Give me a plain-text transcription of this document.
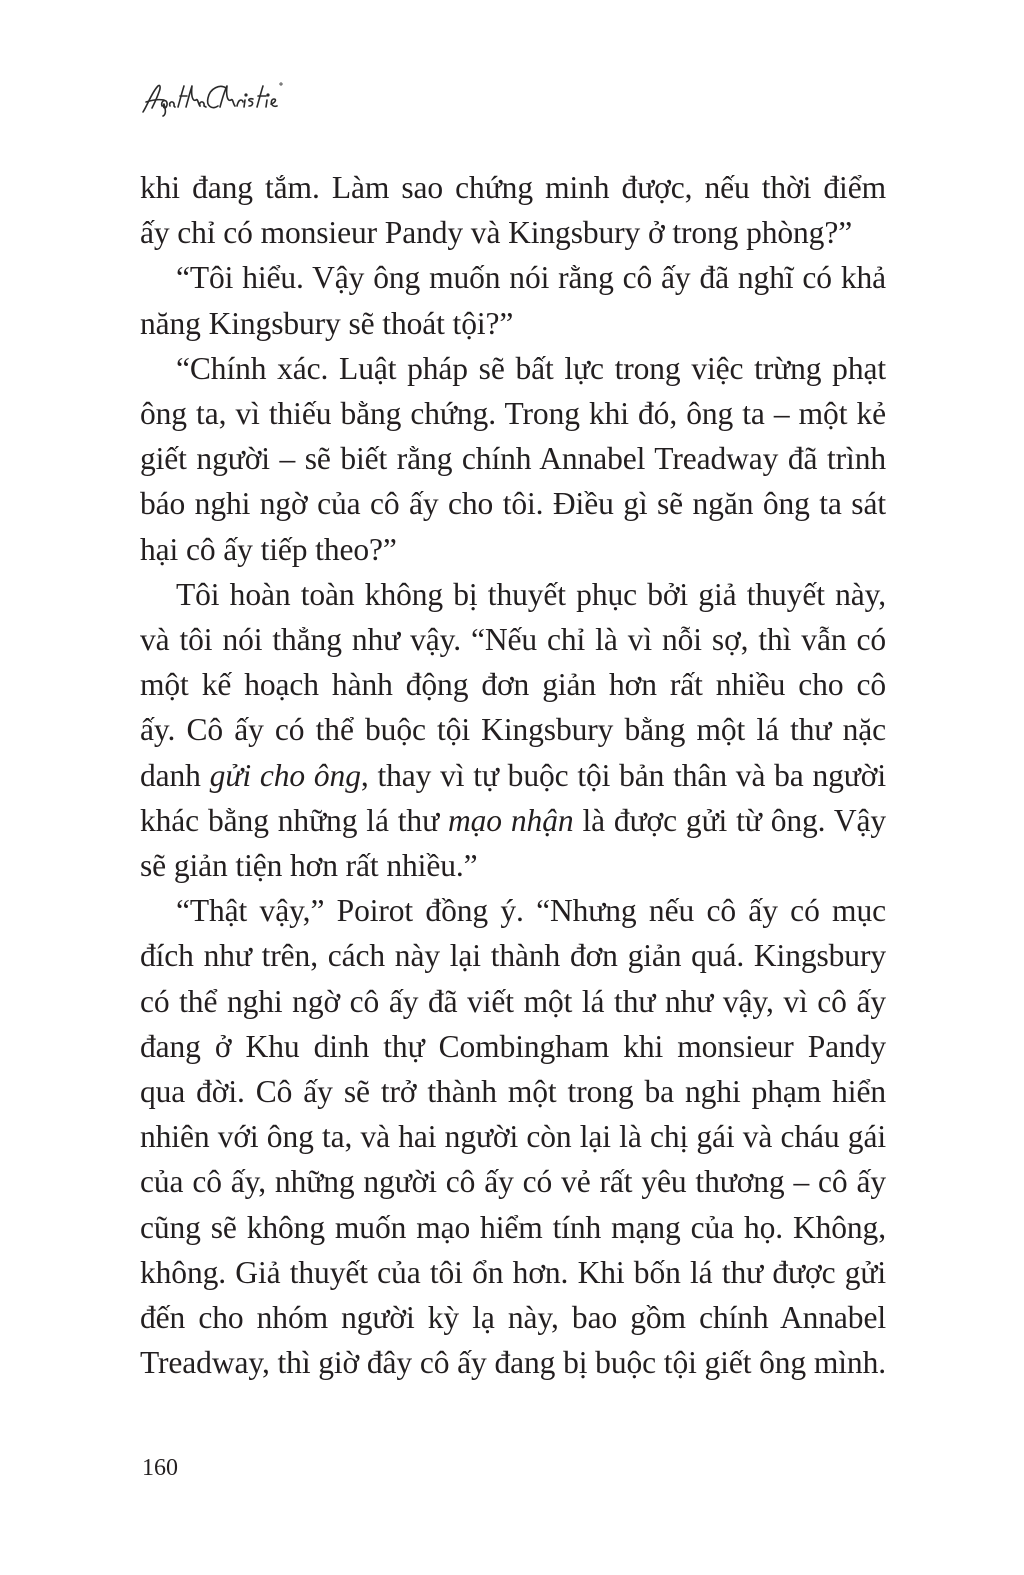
khi đang tắm. Làm sao chứng minh được, nếu thời điểm
ấy chỉ có monsieur Pandy và Kingsbury ở trong phòng?”
“Tôi hiểu. Vậy ông muốn nói rằng cô ấy đã nghĩ có khả
năng Kingsbury sẽ thoát tội?”
“Chính xác. Luật pháp sẽ bất lực trong việc trừng phạt
ông ta, vì thiếu bằng chứng. Trong khi đó, ông ta – một kẻ
giết người – sẽ biết rằng chính Annabel Treadway đã trình
báo nghi ngờ của cô ấy cho tôi. Điều gì sẽ ngăn ông ta sát
hại cô ấy tiếp theo?”
Tôi hoàn toàn không bị thuyết phục bởi giả thuyết này,
và tôi nói thẳng như vậy. “Nếu chỉ là vì nỗi sợ, thì vẫn có
một kế hoạch hành động đơn giản hơn rất nhiều cho cô
ấy. Cô ấy có thể buộc tội Kingsbury bằng một lá thư nặc
danh gửi cho ông, thay vì tự buộc tội bản thân và ba người
khác bằng những lá thư mạo nhận là được gửi từ ông. Vậy
sẽ giản tiện hơn rất nhiều.”
“Thật vậy,” Poirot đồng ý. “Nhưng nếu cô ấy có mục
đích như trên, cách này lại thành đơn giản quá. Kingsbury
có thể nghi ngờ cô ấy đã viết một lá thư như vậy, vì cô ấy
đang ở Khu dinh thự Combingham khi monsieur Pandy
qua đời. Cô ấy sẽ trở thành một trong ba nghi phạm hiển
nhiên với ông ta, và hai người còn lại là chị gái và cháu gái
của cô ấy, những người cô ấy có vẻ rất yêu thương – cô ấy
cũng sẽ không muốn mạo hiểm tính mạng của họ. Không,
không. Giả thuyết của tôi ổn hơn. Khi bốn lá thư được gửi
đến cho nhóm người kỳ lạ này, bao gồm chính Annabel
Treadway, thì giờ đây cô ấy đang bị buộc tội giết ông mình.
160
